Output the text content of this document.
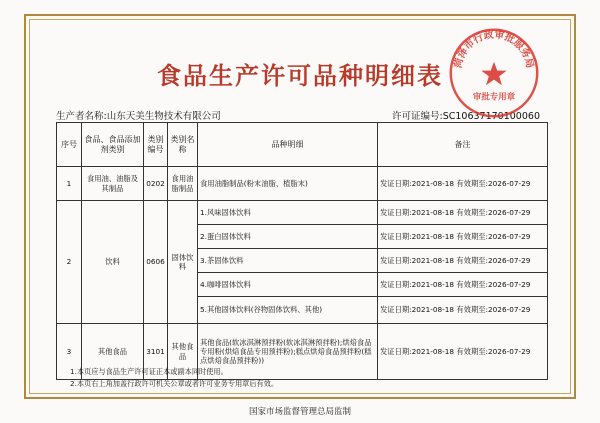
食品生产许可品种明细表
生产者名称:山东天美生物技术有限公司	许可证编号:SC10637170100060
序号	食品、食品添加剂类别	类别编号	类别名称	品种明细	备注
1	食用油、油脂及其制品	0202	食用油脂制品	食用油脂制品(粉末油脂、植脂末)	发证日期:2021-08-18 有效期至:2026-07-29
2	饮料	0606	固体饮料	1.风味固体饮料	发证日期:2021-08-18 有效期至:2026-07-29
				2.蛋白固体饮料	发证日期:2021-08-18 有效期至:2026-07-29
				3.茶固体饮料	发证日期:2021-08-18 有效期至:2026-07-29
				4.咖啡固体饮料	发证日期:2021-08-18 有效期至:2026-07-29
				5.其他固体饮料(谷物固体饮料、其他)	发证日期:2021-08-18 有效期至:2026-07-29
3	其他食品	3101	其他食品	其他食品(软冰淇淋预拌粉(软冰淇淋预拌粉);烘焙食品专用粉(烘焙食品专用预拌粉);糕点烘焙食品预拌粉(糕点烘焙食品预拌粉))	发证日期:2021-08-18 有效期至:2026-07-29
1.本页应与食品生产许可证正本或副本同时使用。
2.本页右上角加盖行政许可机关公章或者许可业务专用章后有效。
国家市场监督管理总局监制
菏泽市行政审批服务局
审批专用章
